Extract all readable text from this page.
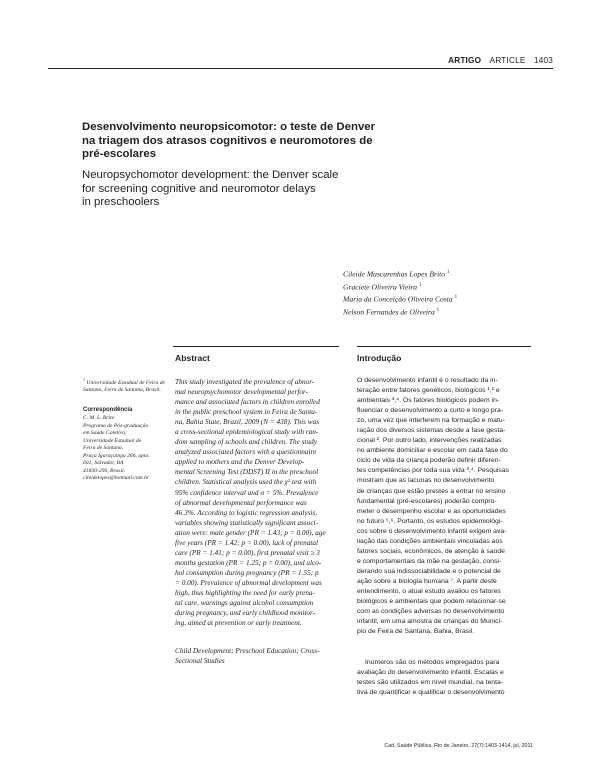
ARTIGO ARTICLE 1403
Desenvolvimento neuropsicomotor: o teste de Denver na triagem dos atrasos cognitivos e neuromotores de pré-escolares
Neuropsychomotor development: the Denver scale
for screening cognitive and neuromotor delays
in preschoolers
Cileide Mascarenhas Lopes Brito $^1$
Graciete Oliveira Vieira $^1$
Maria da Conceição Oliveira Costa $^1$
Nelson Fernandes de Oliveira $^1$
Abstract	Introdução
$^1$ Universidade Estadual de Feira de Santana, Feira de Santana, Brasil.
Correspondência
C. M. L. Brito
Programa de Pós-graduação
em Saúde Coletiva,
Universidade Estadual de
Feira de Santana.
Praça Igaraçuingu 266, apto.
601, Salvador, BA
41830-290, Brasil.
cileidelopes@hotmail.com.br
This study investigated the prevalence of abnor-
mal neuropsychomotor developmental perfor-
mance and associated factors in children enrolled
in the public preschool system in Feira de Santa-
na, Bahia State, Brazil, 2009 (N = 438). This was
a cross-sectional epidemiological study with ran-
dom sampling of schools and children. The study
analyzed associated factors with a questionnaire
applied to mothers and the Denver Develop-
mental Screening Test (DDST) II in the preschool
children. Statistical analysis used the χ² test with
95% confidence interval and α = 5%. Prevalence
of abnormal developmental performance was
46.3%. According to logistic regression analysis,
variables showing statistically significant associ-
ation were: male gender (PR = 1.43; p = 0.00), age
five years (PR = 1.42; p = 0.00), lack of prenatal
care (PR = 1.41; p = 0.00), first prenatal visit ≥ 3
months gestation (PR = 1.25; p = 0.00), and alco-
hol consumption during pregnancy (PR = 1.55; p
= 0.00). Prevalence of abnormal development was
high, thus highlighting the need for early prena-
tal care, warnings against alcohol consumption
during pregnancy, and early childhood monitor-
ing, aimed at prevention or early treatment.
Child Development; Preschool Education; Cross-
Sectional Studies
O desenvolvimento infantil é o resultado da in-
teração entre fatores genéticos, biológicos ¹,² e
ambientais ³,⁴. Os fatores biológicos podem in-
fluenciar o desenvolvimento a curto e longo pra-
zo, uma vez que interferem na formação e matu-
ração dos diversos sistemas desde a fase gesta-
cional ². Por outro lado, intervenções realizadas
no ambiente domiciliar e escolar em cada fase do
ciclo de vida da criança poderão definir diferen-
tes competências por toda sua vida ³,⁴. Pesquisas
mostram que as lacunas no desenvolvimento
de crianças que estão prestes a entrar no ensino
fundamental (pré-escolares) poderão compro-
meter o desempenho escolar e as oportunidades
no futuro ⁵,⁶. Portanto, os estudos epidemiológi-
cos sobre o desenvolvimento infantil exigem ava-
liação das condições ambientais vinculadas aos
fatores sociais, econômicos, de atenção à saúde
e comportamentais da mãe na gestação, consi-
derando sua indissociabilidade e o potencial de
ação sobre a biologia humana ⁷. A partir deste
entendimento, o atual estudo avaliou os fatores
biológicos e ambientais que podem relacionar-se
com as condições adversas no desenvolvimento
infantil, em uma amostra de crianças do Municí-
pio de Feira de Santana, Bahia, Brasil.
Inúmeros são os métodos empregados para
avaliação do desenvolvimento infantil. Escalas e
testes são utilizados em nível mundial, na tenta-
tiva de quantificar e qualificar o desenvolvimento
Cad. Saúde Pública, Rio de Janeiro, 27(7):1403-1414, jul, 2011
